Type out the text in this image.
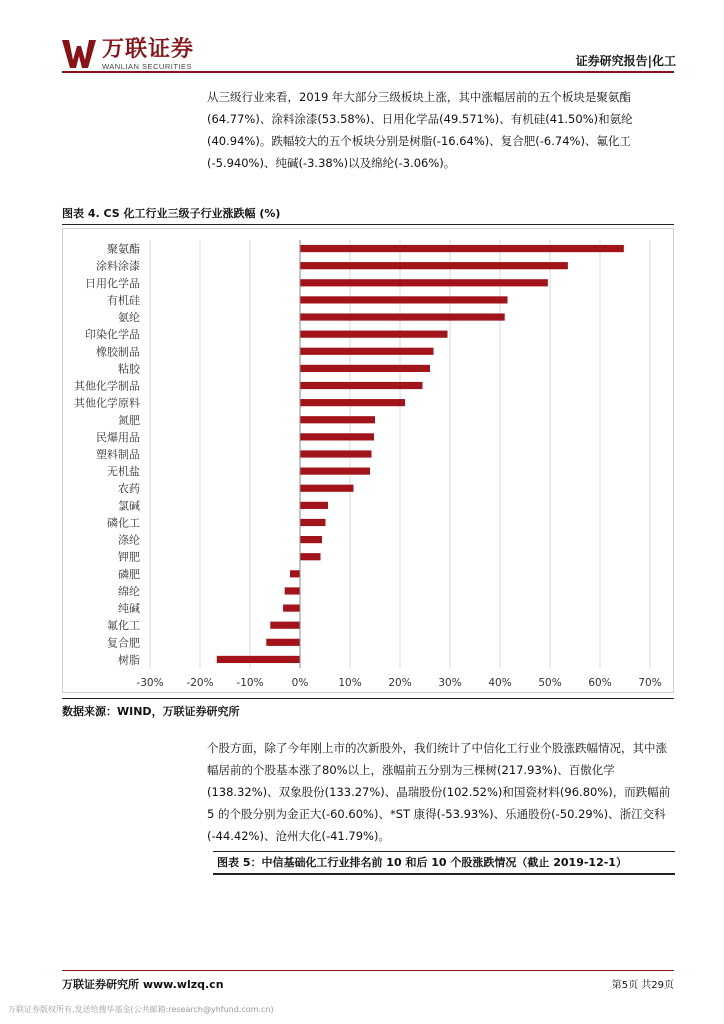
万联证券
WANLIAN SECURITIES	证券研究报告|化工
从三级行业来看，2019 年大部分三级板块上涨，其中涨幅居前的五个板块是聚氨酯(64.77%)、涂料涂漆(53.58%)、日用化学品(49.571%)、有机硅(41.50%)和氨纶(40.94%)。跌幅较大的五个板块分别是树脂(-16.64%)、复合肥(-6.74%)、氟化工(-5.940%)、纯碱(-3.38%)以及绵纶(-3.06%)。
图表 4. CS 化工行业三级子行业涨跌幅 (%)
聚氨酯
涂料涂漆
日用化学品
有机硅
氨纶
印染化学品
橡胶制品
粘胶
其他化学制品
其他化学原料
氮肥
民爆用品
塑料制品
无机盐
农药
氯碱
磷化工
涤纶
钾肥
磷肥
绵纶
纯碱
氟化工
复合肥
树脂
-30% -20% -10%	0%	10%	20%	30%	40%	50%	60%	70%
数据来源：WIND，万联证券研究所
个股方面，除了今年刚上市的次新股外，我们统计了中信化工行业个股涨跌幅情况，其中涨幅居前的个股基本涨了80%以上，涨幅前五分别为三棵树(217.93%)、百傲化学(138.32%)、双象股份(133.27%)、晶瑞股份(102.52%)和国瓷材料(96.80%)，而跌幅前 5 的个股分别为金正大(-60.60%)、*ST 康得(-53.93%)、乐通股份(-50.29%)、浙江交科(-44.42%)、沧州大化(-41.79%)。
图表 5：中信基础化工行业排名前 10 和后 10 个股涨跌情况（截止 2019-12-1）
万联证券研究所 www.wlzq.cn	第5页 共29页
万联证券版权所有,发送给搜华基金(公共邮箱:research@yhfund.com.cn)
